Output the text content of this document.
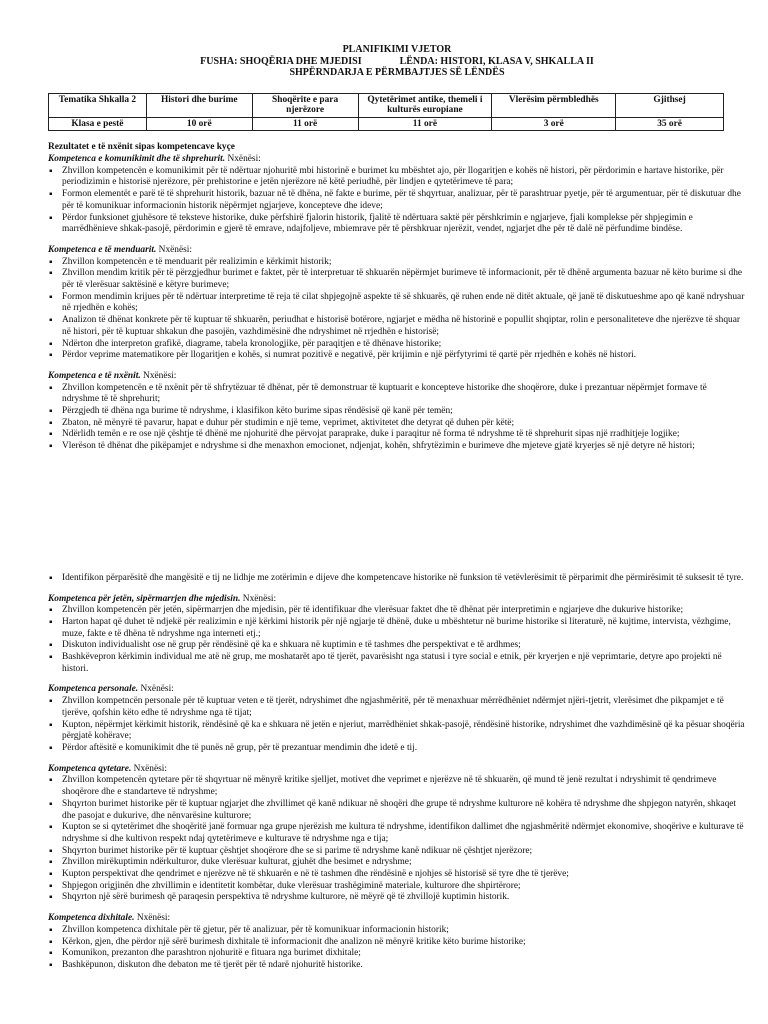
PLANIFIKIMI VJETOR
FUSHA: SHOQËRIA DHE MJEDISI	LËNDA: HISTORI, KLASA V, SHKALLA II
SHPËRNDARJA E PËRMBAJTJES SË LËNDËS
Tematika Shkalla 2	Histori dhe burime	Shoqërite e para njerëzore	Qytetërimet antike, themeli i kulturës europiane	Vlerësim përmbledhës	Gjithsej
Klasa e pestë	10 orë	11 orë	11 orë	3 orë	35 orë
Rezultatet e të nxënit sipas kompetencave kyçe
Kompetenca e komunikimit dhe të shprehurit. Nxënësi:
▪ Zhvillon kompetencën e komunikimit për të ndërtuar njohuritë mbi historinë e burimet ku mbështet ajo, për llogaritjen e kohës në histori, për përdorimin e hartave historike, për periodizimin e historisë njerëzore, për prehistorine e jetën njerëzore në këtë periudhë, për lindjen e qytetërimeve të para;
▪ Formon elementët e parë të të shprehurit historik, bazuar në të dhëna, në fakte e burime, për të shqyrtuar, analizuar, për të parashtruar pyetje, për të argumentuar, për të diskutuar dhe për të komunikuar informacionin historik nëpërmjet ngjarjeve, koncepteve dhe ideve;
▪ Përdor funksionet gjuhësore të teksteve historike, duke përfshirë fjalorin historik, fjalitë të ndërtuara saktë për përshkrimin e ngjarjeve, fjali komplekse për shpjegimin e marrëdhënieve shkak-pasojë, përdorimin e gjerë të emrave, ndajfoljeve, mbiemrave për të përshkruar njerëzit, vendet, ngjarjet dhe për të dalë në përfundime bindëse.
Kompetenca e të menduarit. Nxënësi:
▪ Zhvillon kompetencën e të menduarit për realizimin e kërkimit historik;
▪ Zhvillon mendim kritik për të përzgjedhur burimet e faktet, për të interpretuar të shkuarën nëpërmjet burimeve të informacionit, për të dhënë argumenta bazuar në këto burime si dhe për të vlerësuar saktësinë e këtyre burimeve;
▪ Formon mendimin krijues për të ndërtuar interpretime të reja të cilat shpjegojnë aspekte të së shkuarës, që ruhen ende në ditët aktuale, që janë të diskutueshme apo që kanë ndryshuar në rrjedhën e kohës;
▪ Analizon të dhënat konkrete për të kuptuar të shkuarën, periudhat e historisë botërore, ngjarjet e mëdha në historinë e popullit shqiptar, rolin e personaliteteve dhe njerëzve të shquar në histori, për të kuptuar shkakun dhe pasojën, vazhdimësinë dhe ndryshimet në rrjedhën e historisë;
▪ Ndërton dhe interpreton grafikë, diagrame, tabela kronologjike, për paraqitjen e të dhënave historike;
▪ Përdor veprime matematikore për llogaritjen e kohës, si numrat pozitivë e negativë, për krijimin e një përfytyrimi të qartë për rrjedhën e kohës në histori.
Kompetenca e të nxënit. Nxënësi:
▪ Zhvillon kompetencën e të nxënit për të shfrytëzuar të dhënat, për të demonstruar të kuptuarit e koncepteve historike dhe shoqërore, duke i prezantuar nëpërmjet formave të ndryshme të të shprehurit;
▪ Përzgjedh të dhëna nga burime të ndryshme, i klasifikon këto burime sipas rëndësisë që kanë për temën;
▪ Zbaton, në mënyrë të pavarur, hapat e duhur për studimin e një teme, veprimet, aktivitetet dhe detyrat që duhen për këtë;
▪ Ndërlidh temën e re ose një çështje të dhënë me njohuritë dhe përvojat paraprake, duke i paraqitur në forma të ndryshme të të shprehurit sipas një rradhitjeje logjike;
▪ Vlerëson të dhënat dhe pikëpamjet e ndryshme si dhe menaxhon emocionet, ndjenjat, kohën, shfrytëzimin e burimeve dhe mjeteve gjatë kryerjes së një detyre në histori;
▪ Identifikon përparësitë dhe mangësitë e tij ne lidhje me zotërimin e dijeve dhe kompetencave historike në funksion të vetëvlerësimit të përparimit dhe përmirësimit të suksesit të tyre.
Kompetenca për jetën, sipërmarrjen dhe mjedisin. Nxënësi:
▪ Zhvillon kompetencën për jetën, sipërmarrjen dhe mjedisin, për të identifikuar dhe vlerësuar faktet dhe të dhënat për interpretimin e ngjarjeve dhe dukurive historike;
▪ Harton hapat që duhet të ndjekë për realizimin e një kërkimi historik për një ngjarje të dhënë, duke u mbështetur në burime historike si literaturë, në kujtime, intervista, vëzhgime, muze, fakte e të dhëna të ndryshme nga interneti etj.;
▪ Diskuton individualisht ose në grup për rëndësinë që ka e shkuara në kuptimin e të tashmes dhe perspektivat e të ardhmes;
▪ Bashkëvepron kërkimin individual me atë në grup, me moshatarët apo të tjerët, pavarësisht nga statusi i tyre social e etnik, për kryerjen e një veprimtarie, detyre apo projekti në histori.
Kompetenca personale. Nxënësi:
▪ Zhvillon kompetncën personale për të kuptuar veten e të tjerët, ndryshimet dhe ngjashmëritë, për të menaxhuar mërrëdhëniet ndërmjet njëri-tjetrit, vlerësimet dhe pikpamjet e të tjerëve, qofshin këto edhe të ndryshme nga të tijat;
▪ Kupton, nëpërmjet kërkimit historik, rëndësinë që ka e shkuara në jetën e njeriut, marrëdhëniet shkak-pasojë, rëndësinë historike, ndryshimet dhe vazhdimësinë që ka pësuar shoqëria përgjatë kohërave;
▪ Përdor aftësitë e komunikimit dhe të punës në grup, për të prezantuar mendimin dhe idetë e tij.
Kompetenca qytetare. Nxënësi:
▪ Zhvillon kompetencën qytetare për të shqyrtuar në mënyrë kritike sjelljet, motivet dhe veprimet e njerëzve në të shkuarën, që mund të jenë rezultat i ndryshimit të qendrimeve shoqërore dhe e standarteve të ndryshme;
▪ Shqyrton burimet historike për të kuptuar ngjarjet dhe zhvillimet që kanë ndikuar në shoqëri dhe grupe të ndryshme kulturore në kohëra të ndryshme dhe shpjegon natyrën, shkaqet dhe pasojat e dukurive, dhe nënvarësine kulturore;
▪ Kupton se si qytetërimet dhe shoqëritë janë formuar nga grupe njerëzish me kultura të ndryshme, identifikon dallimet dhe ngjashmëritë ndërmjet ekonomive, shoqërive e kulturave të ndryshme si dhe kultivon respekt ndaj qytetërimeve e kulturave të ndryshme nga e tija;
▪ Shqyrton burimet historike për të kuptuar çështjet shoqërore dhe se si parime të ndryshme kanë ndikuar në çështjet njerëzore;
▪ Zhvillon mirëkuptimin ndërkulturor, duke vlerësuar kulturat, gjuhët dhe besimet e ndryshme;
▪ Kupton perspektivat dhe qendrimet e njerëzve në të shkuarën e në të tashmen dhe rëndësinë e njohjes së historisë së tyre dhe të tjerëve;
▪ Shpjegon origjinën dhe zhvillimin e identitetit kombëtar, duke vlerësuar trashëgiminë materiale, kulturore dhe shpirtërore;
▪ Shqyrton një sërë burimesh që paraqesin perspektiva të ndryshme kulturore, në mëyrë që të zhvillojë kuptimin historik.
Kompetenca dixhitale. Nxënësi:
▪ Zhvillon kompetenca dixhitale për të gjetur, për të analizuar, për të komunikuar informacionin historik;
▪ Kërkon, gjen, dhe përdor një sërë burimesh dixhitale të informacionit dhe analizon në mënyrë kritike këto burime historike;
▪ Komunikon, prezanton dhe parashtron njohuritë e fituara nga burimet dixhitale;
▪ Bashkëpunon, diskuton dhe debaton me të tjerët për të ndarë njohuritë historike.
